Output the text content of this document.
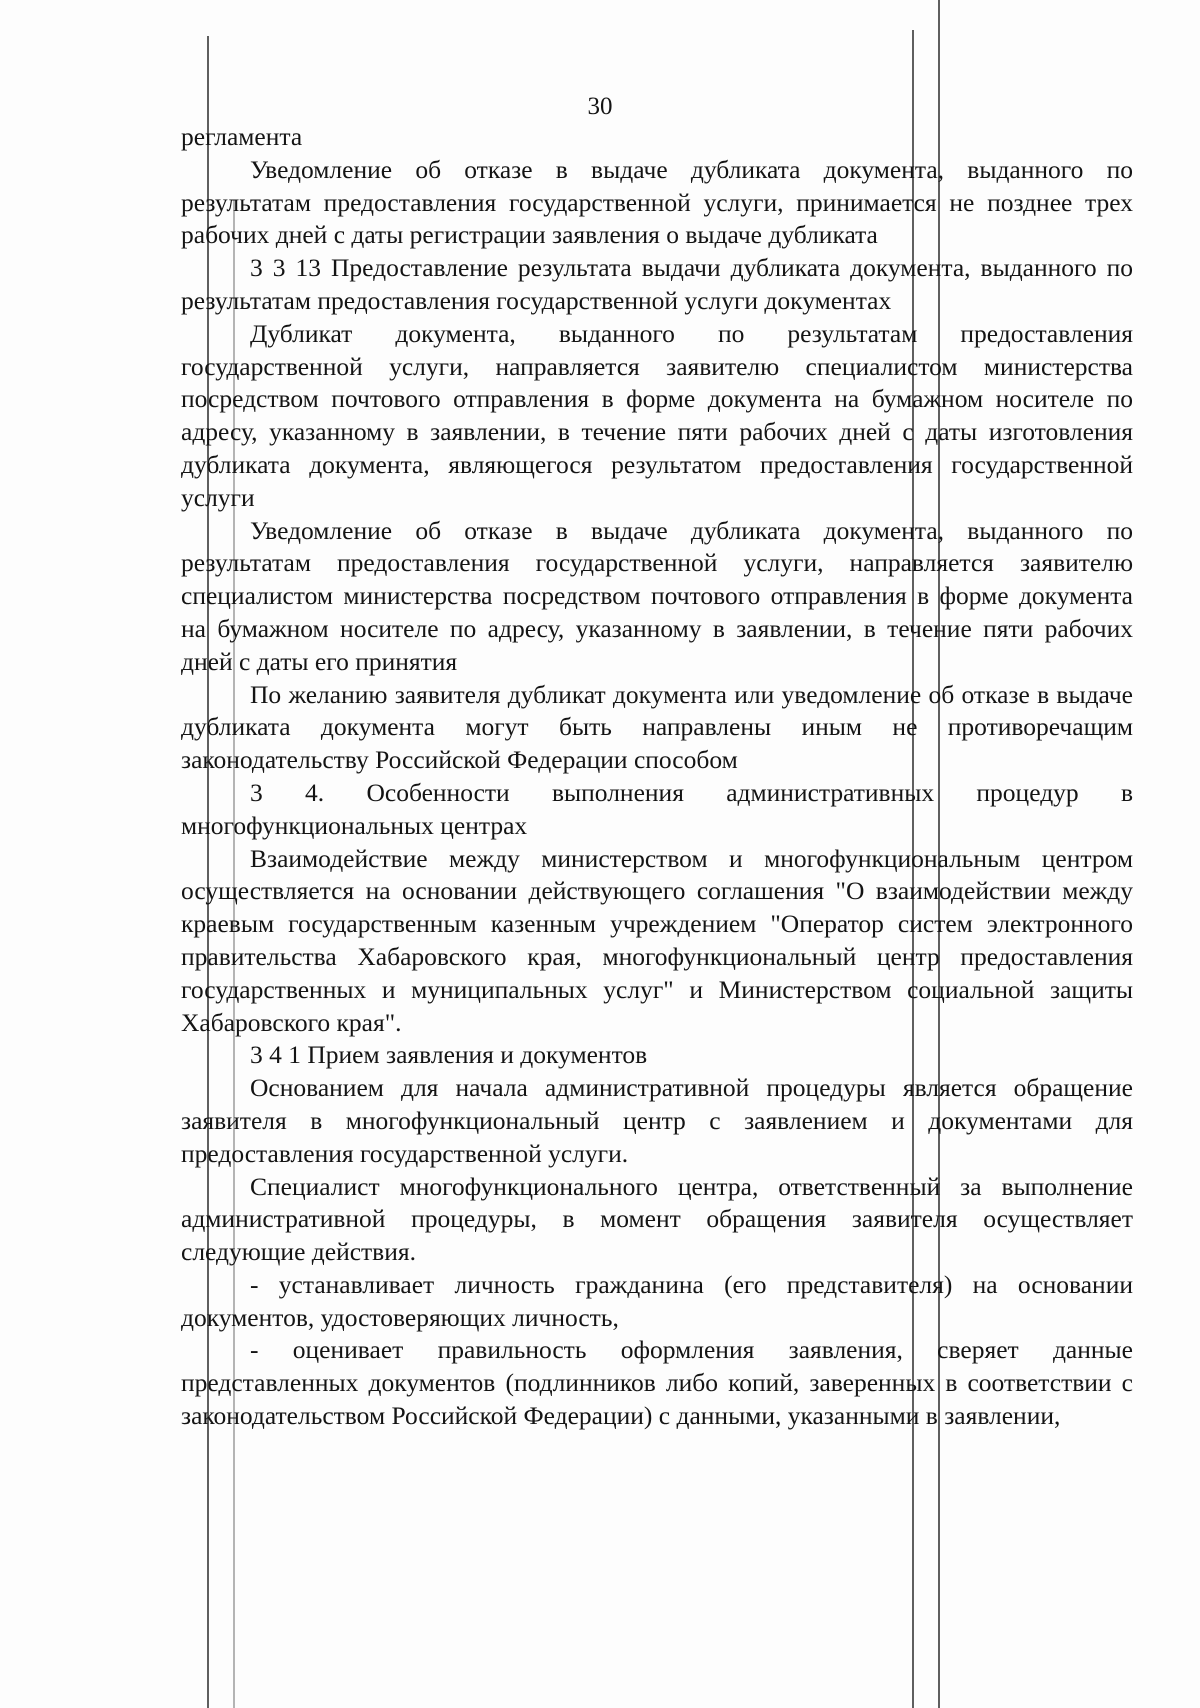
30

регламента

Уведомление об отказе в выдаче дубликата документа, выданного по результатам предоставления государственной услуги, принимается не позднее трех рабочих дней с даты регистрации заявления о выдаче дубликата

3 3 13 Предоставление результата выдачи дубликата документа, выданного по результатам предоставления государственной услуги документах

Дубликат документа, выданного по результатам предоставления государственной услуги, направляется заявителю специалистом министерства посредством почтового отправления в форме документа на бумажном носителе по адресу, указанному в заявлении, в течение пяти рабочих дней с даты изготовления дубликата документа, являющегося результатом предоставления государственной услуги

Уведомление об отказе в выдаче дубликата документа, выданного по результатам предоставления государственной услуги, направляется заявителю специалистом министерства посредством почтового отправления в форме документа на бумажном носителе по адресу, указанному в заявлении, в течение пяти рабочих дней с даты его принятия

По желанию заявителя дубликат документа или уведомление об отказе в выдаче дубликата документа могут быть направлены иным не противоречащим законодательству Российской Федерации способом

3 4. Особенности выполнения административных процедур в многофункциональных центрах

Взаимодействие между министерством и многофункциональным центром осуществляется на основании действующего соглашения "О взаимодействии между краевым государственным казенным учреждением "Оператор систем электронного правительства Хабаровского края, многофункциональный центр предоставления государственных и муниципальных услуг" и Министерством социальной защиты Хабаровского края".

3 4 1 Прием заявления и документов

Основанием для начала административной процедуры является обращение заявителя в многофункциональный центр с заявлением и документами для предоставления государственной услуги.

Специалист многофункционального центра, ответственный за выполнение административной процедуры, в момент обращения заявителя осуществляет следующие действия.

- устанавливает личность гражданина (его представителя) на основании документов, удостоверяющих личность,

- оценивает правильность оформления заявления, сверяет данные представленных документов (подлинников либо копий, заверенных в соответствии с законодательством Российской Федерации) с данными, указанными в заявлении,
